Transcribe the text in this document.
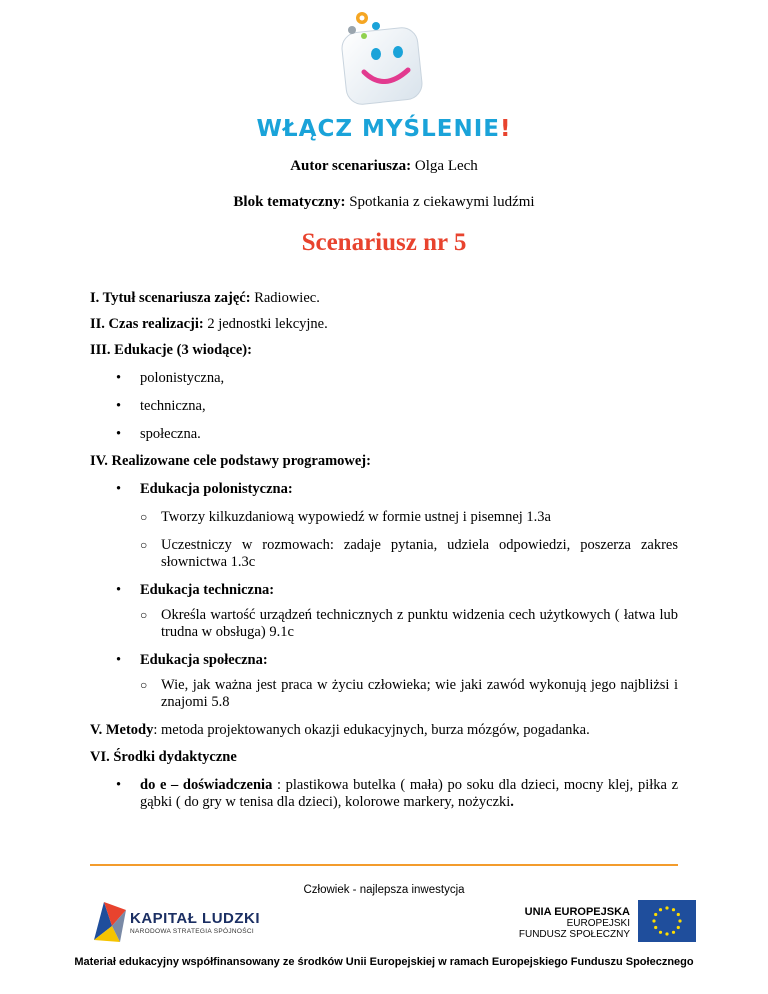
WŁĄCZ MYŚLENIE!
Autor scenariusza: Olga Lech
Blok tematyczny: Spotkania z ciekawymi ludźmi
Scenariusz nr 5
I. Tytuł scenariusza zajęć: Radiowiec.
II. Czas realizacji: 2 jednostki lekcyjne.
III. Edukacje (3 wiodące):
• polonistyczna,
• techniczna,
• społeczna.
IV. Realizowane cele podstawy programowej:
• Edukacja polonistyczna:
○ Tworzy kilkuzdaniową wypowiedź w formie ustnej i pisemnej 1.3a
○ Uczestniczy w rozmowach: zadaje pytania, udziela odpowiedzi, poszerza zakres słownictwa 1.3c
• Edukacja techniczna:
○ Określa wartość urządzeń technicznych z punktu widzenia cech użytkowych ( łatwa lub trudna w obsługa) 9.1c
• Edukacja społeczna:
○ Wie, jak ważna jest praca w życiu człowieka; wie jaki zawód wykonują jego najbliżsi i znajomi 5.8
V. Metody: metoda projektowanych okazji edukacyjnych, burza mózgów, pogadanka.
VI. Środki dydaktyczne
• do e – doświadczenia : plastikowa butelka ( mała) po soku dla dzieci, mocny klej, piłka z gąbki ( do gry w tenisa dla dzieci), kolorowe markery, nożyczki.
Człowiek - najlepsza inwestycja
KAPITAŁ LUDZKI
NARODOWA STRATEGIA SPÓJNOŚCI
UNIA EUROPEJSKA
EUROPEJSKI
FUNDUSZ SPOŁECZNY
Materiał edukacyjny współfinansowany ze środków Unii Europejskiej w ramach Europejskiego Funduszu Społecznego
